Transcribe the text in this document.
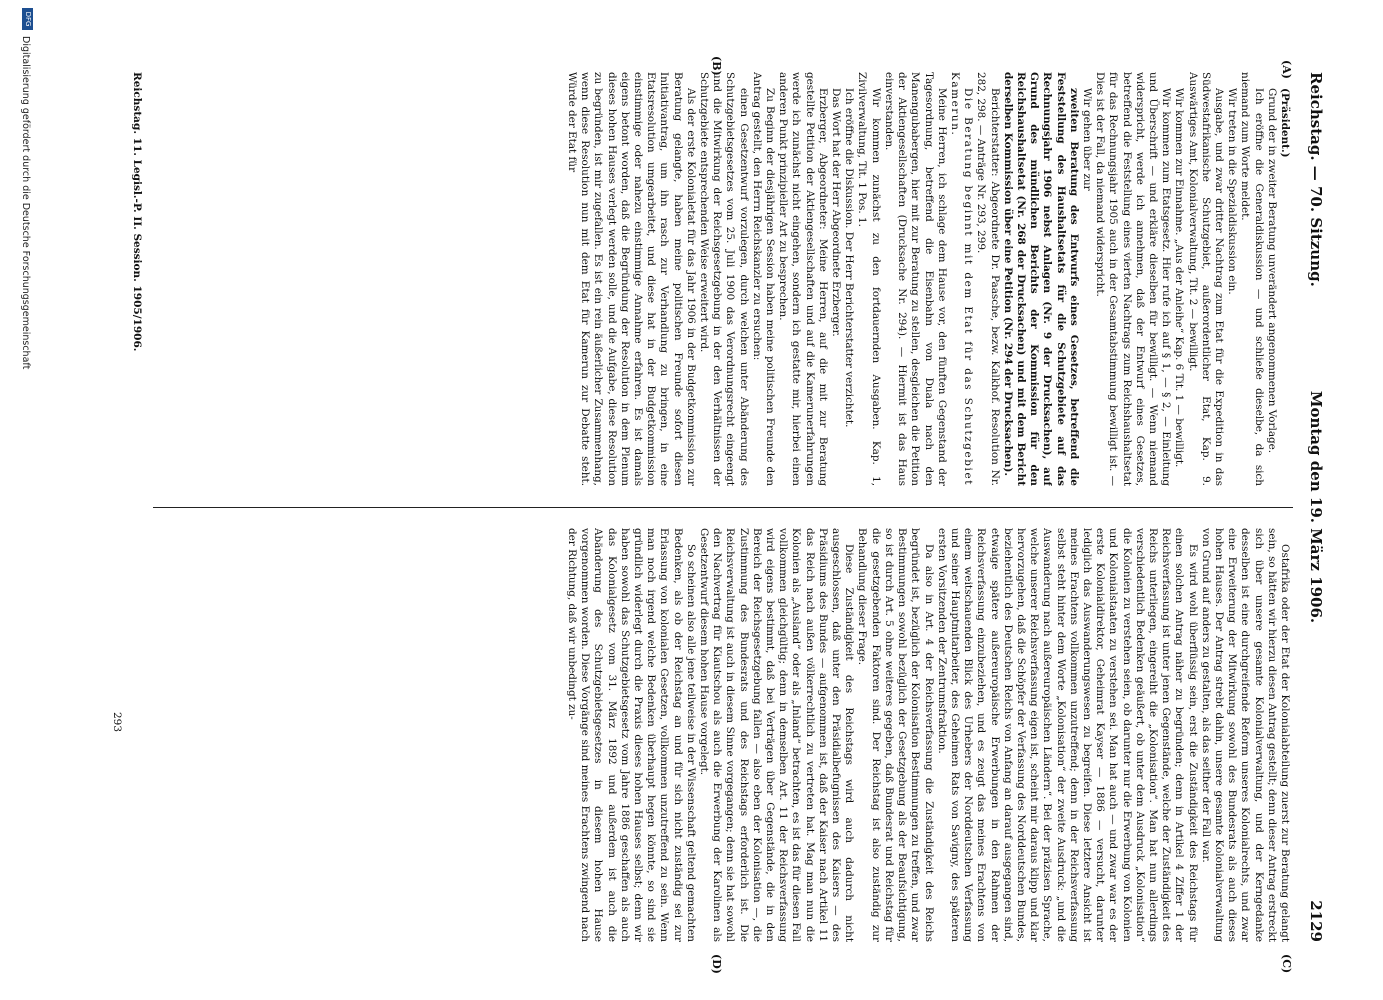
Reichstag. — 70. Sitzung.
Montag den 19. März 1906.
2129
(A)
(B)
(C)
(D)

(Präsident.)

Grund der in zweiter Beratung unverändert angenommenen Vorlage.

Ich eröffne die Generaldiskussion — und schließe dieselbe, da sich niemand zum Worte meldet.

Wir treten in die Spezialdiskussion ein.

Ausgabe, und zwar dritter Nachtrag zum Etat für die Expedition in das Südwestafrikanische Schutzgebiet, außerordentlicher Etat, Kap. 9. Auswärtiges Amt, Kolonialverwaltung, Tit. 2 — bewilligt.

Wir kommen zur Einnahme. „Aus der Anleihe“ Kap. 6 Tit. 1 — bewilligt.

Wir kommen zum Etatsgesetz. Hier rufe ich auf § 1, — § 2, — Einleitung und Überschrift — und erkläre dieselben für bewilligt. — Wenn niemand widerspricht, werde ich annehmen, daß der Entwurf eines Gesetzes, betreffend die Feststellung eines vierten Nachtrags zum Reichshaushaltsetat für das Rechnungsjahr 1905 auch in der Gesamtabstimmung bewilligt ist. — Dies ist der Fall, da niemand widerspricht.

Wir gehen über zur

zweiten Beratung des Entwurfs eines Gesetzes, betreffend die Feststellung des Haushaltsetats für die Schutzgebiete auf das Rechnungsjahr 1906 nebst Anlagen (Nr. 9 der Drucksachen), auf Grund des mündlichen Berichts der Kommission für den Reichshaushaltsetat (Nr. 268 der Drucksachen) und mit dem Bericht derselben Kommission über eine Petition (Nr. 294 der Drucksachen).

Berichterstatter: Abgeordnete Dr. Paasche, bezw. Kalkhof. Resolution Nr. 282, 298. — Anträge Nr. 293, 299.

Die Beratung beginnt mit dem Etat für das Schutzgebiet Kamerun.

Meine Herren, ich schlage dem Hause vor, den fünften Gegenstand der Tagesordnung, betreffend die Eisenbahn von Duala nach den Manengubabergen, hier mit zur Beratung zu stellen, desgleichen die Petition der Aktiengesellschaften (Drucksache Nr. 294). — Hiermit ist das Haus einverstanden.

Wir kommen zunächst zu den fortdauernden Ausgaben. Kap. 1, Zivilverwaltung, Tit. 1 Pos. 1.

Ich eröffne die Diskussion. Der Herr Berichterstatter verzichtet.

Das Wort hat der Herr Abgeordnete Erzberger.

Erzberger, Abgeordneter: Meine Herren, auf die mit zur Beratung gestellte Petition der Aktiengesellschaften und auf die Kamerunerfahrungen werde ich zunächst nicht eingehen, sondern ich gestatte mir, hierbei einen anderen Punkt prinzipieller Art zu besprechen.

Zu Beginn der diesjährigen Session haben meine politischen Freunde den Antrag gestellt, den Herrn Reichskanzler zu ersuchen:

einen Gesetzentwurf vorzulegen, durch welchen unter Abänderung des Schutzgebietsgesetzes vom 25. Juli 1900 das Verordnungsrecht eingeengt und die Mitwirkung der Reichsgesetzgebung in der den Verhältnissen der Schutzgebiete entsprechenden Weise erweitert wird.

Als der erste Kolonialetat für das Jahr 1906 in der Budgetkommission zur Beratung gelangte, haben meine politischen Freunde sofort diesen Initiativantrag, um ihn rasch zur Verhandlung zu bringen, in eine Etatsresolution umgearbeitet, und diese hat in der Budgetkommission einstimmige oder nahezu einstimmige Annahme erfahren. Es ist damals eigens betont worden, daß die Begründung der Resolution in dem Plenum dieses hohen Hauses verlegt werden solle, und die Aufgabe, diese Resolution zu begründen, ist mir zugefallen. Es ist ein rein äußerlicher Zusammenhang, wenn diese Resolution nun mit dem Etat für Kamerun zur Debatte steht. Würde der Etat für

Ostafrika oder der Etat der Kolonialabteilung zuerst zur Beratung gelangt sein, so hätten wir hierzu diesen Antrag gestellt; denn dieser Antrag erstreckt sich über unsere gesamte Kolonialverwaltung, und der Kerngedanke desselben ist eine durchgreifende Reform unseres Kolonialrechts, und zwar eine Erweiterung der Mitwirkung sowohl des Bundesrats als auch dieses hohen Hauses. Der Antrag strebt dahin, unsere gesamte Kolonialverwaltung von Grund auf anders zu gestalten, als das seither der Fall war.

Es wird wohl überflüssig sein, erst die Zuständigkeit des Reichstags für einen solchen Antrag näher zu begründen; denn in Artikel 4 Ziffer 1 der Reichsverfassung ist unter jenen Gegenstände, welche der Zuständigkeit des Reichs unterliegen, eingereiht die „Kolonisation“. Man hat nun allerdings verschiedentlich Bedenken geäußert, ob unter dem Ausdruck „Kolonisation“ die Kolonien zu verstehen seien, ob darunter nur die Erwerbung von Kolonien und Kolonialstaaten zu verstehen sei. Man hat auch — und zwar war es der erste Kolonialdirektor, Geheimrat Kayser — 1886 — versucht, darunter lediglich das Auswanderungswesen zu begreifen. Diese letztere Ansicht ist meines Erachtens vollkommen unzutreffend; denn in der Reichsverfassung selbst steht hinter dem Worte „Kolonisation“ der zweite Ausdruck: „und die Auswanderung nach außereuropäischen Ländern“. Bei der präzisen Sprache, welche unserer Reichsverfassung eigen ist, scheint mir daraus klipp und klar hervorzugehen, daß die Schöpfer der Verfassung des Norddeutschen Bundes, beziehentlich des Deutschen Reichs von Anfang an darauf ausgegangen sind, etwaige spätere außereuropäische Erwerbungen in den Rahmen der Reichsverfassung einzubeziehen, und es zeugt das meines Erachtens von einem weitschauenden Blick des Urhebers der Norddeutschen Verfassung und seiner Hauptmitarbeiter, des Geheimen Rats von Savigny, des späteren ersten Vorsitzenden der Zentrumsfraktion.

Da also in Art. 4 der Reichsverfassung die Zuständigkeit des Reichs begründet ist, bezüglich der Kolonisation Bestimmungen zu treffen, und zwar Bestimmungen sowohl bezüglich der Gesetzgebung als der Beaufsichtigung, so ist durch Art. 5 ohne weiteres gegeben, daß Bundesrat und Reichstag für die gesetzgebenden Faktoren sind. Der Reichstag ist also zuständig zur Behandlung dieser Frage.

Diese Zuständigkeit des Reichstags wird auch dadurch nicht ausgeschlossen, daß unter den Präsidialbefugnissen des Kaisers — des Präsidiums des Bundes — aufgenommen ist, daß der Kaiser nach Artikel 11 das Reich nach außen völkerrechtlich zu vertreten hat. Mag man nun die Kolonien als „Ausland“ oder als „Inland“ betrachten, es ist das für diesen Fall vollkommen gleichgültig; denn in demselben Art. 11 der Reichsverfassung wird eigens bestimmt, daß bei Verträgen über Gegenstände, die in den Bereich der Reichsgesetzgebung fallen — also eben der Kolonisation —, die Zustimmung des Bundesrats und des Reichstags erforderlich ist. Die Reichsverwaltung ist auch in diesem Sinne vorgegangen; denn sie hat sowohl den Nachvertrag für Kiautschou als auch die Erwerbung der Karolinen als Gesetzentwurf diesem hohen Hause vorgelegt.

So scheinen also alle jene teilweise in der Wissenschaft geltend gemachten Bedenken, als ob der Reichstag an und für sich nicht zuständig sei zur Erlassung von kolonialen Gesetzen, vollkommen unzutreffend zu sein. Wenn man noch irgend welche Bedenken überhaupt hegen könnte, so sind sie gründlich widerlegt durch die Praxis dieses hohen Hauses selbst; denn wir haben sowohl das Schutzgebietsgesetz vom Jahre 1886 geschaffen als auch das Kolonialgesetz vom 31. März 1892 und außerdem ist auch die Abänderung des Schutzgebietsgesetzes in diesem hohen Hause vorgenommen worden. Diese Vorgänge sind meines Erachtens zwingend nach der Richtung, daß wir unbedingt zu-

Reichstag. 11. Legisl.-P. II. Session. 1905/1906.
293
DFG
Digitalisierung gefördert durch die Deutsche Forschungsgemeinschaft
